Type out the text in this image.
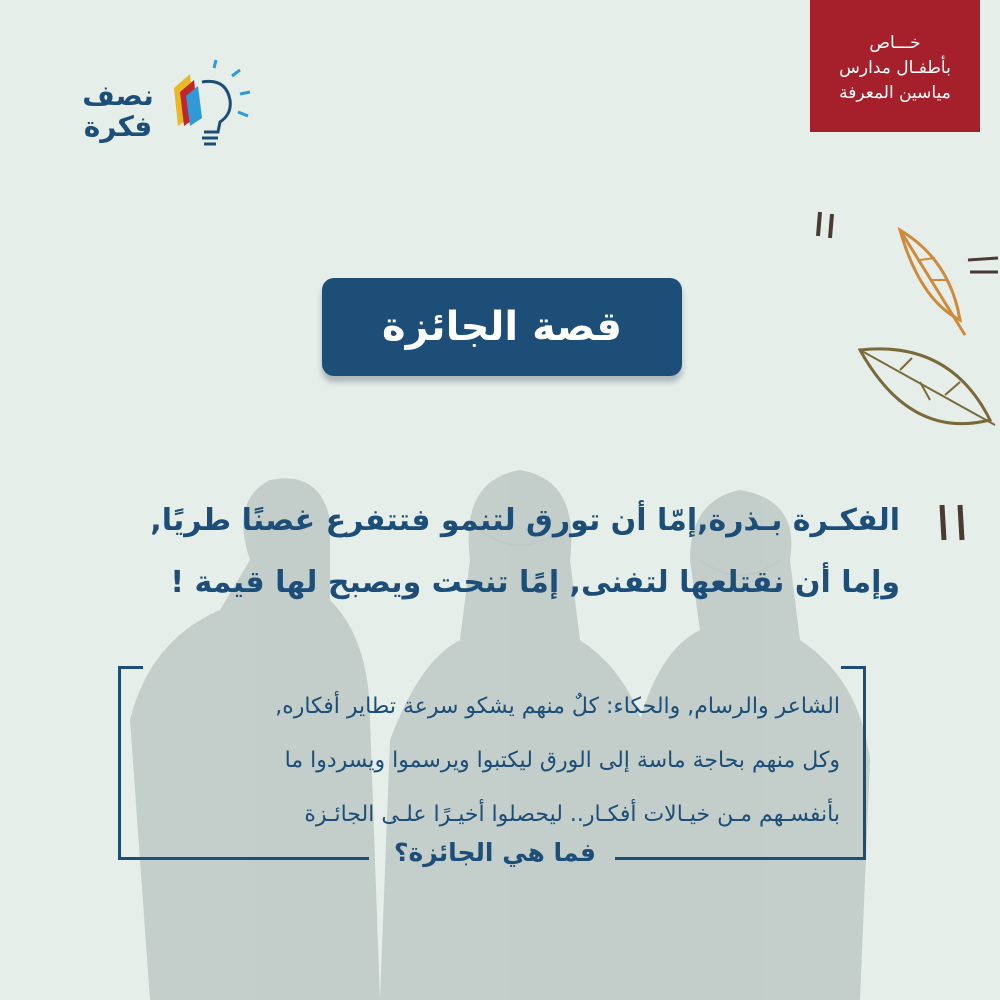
خـــاص
بأطفـال مدارس
مياسين المعرفة
نصف
فكرة
قصة الجائزة
الفكـرة بـذرة,إمّا أن تورق لتنمو فتتفرع غصنًا طريًا,
وإما أن نقتلعها لتفنى, إمًا تنحت ويصبح لها قيمة !
الشاعر والرسام, والحكاء: كلٌ منهم يشكو سرعة تطاير أفكاره,
وكل منهم بحاجة ماسة إلى الورق ليكتبوا ويرسموا ويسردوا ما
بأنفسـهم مـن خيـالات أفكـار.. ليحصلوا أخيـرًا علـى الجائـزة
فما هي الجائزة؟
